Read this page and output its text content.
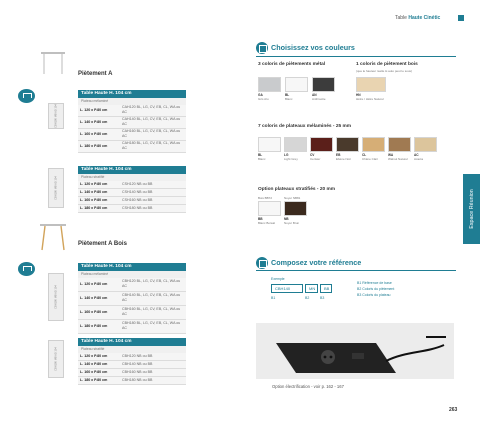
Table Haute Cinétic
Espace Réunion
Piètement A
CBH180 MB AD 104
Table Haute H. 104 cm
Plateau mélaminé
L. 120 x P.80 cm
CAH120 BL, LG, CV, EB, CL, WA ou AC
L. 140 x P.80 cm
CAH140 BL, LG, CV, EB, CL, WA ou AC
L. 160 x P.80 cm
CAH160 BL, LG, CV, EB, CL, WA ou AC
L. 180 x P.80 cm
CAH180 BL, LG, CV, EB, CL, WA ou AC
CBH180 MB AD 104
Table Haute H. 104 cm
Plateau stratifié
L. 120 x P.80 cm	CSH120 NB ou BB
L. 140 x P.80 cm	CSH140 NB ou BB
L. 160 x P.80 cm	CSH160 NB ou BB
L. 180 x P.80 cm	CSH180 NB ou BB
Piètement A Bois
CBH180 MB AD 104
Table Haute H. 104 cm
Plateau mélaminé
L. 120 x P.80 cm
CBH120 BL, LG, CV, EB, CL, WA ou AC
L. 140 x P.80 cm
CBH140 BL, LG, CV, EB, CL, WA ou AC
L. 160 x P.80 cm
CBH160 BL, LG, CV, EB, CL, WA ou AC
L. 180 x P.80 cm
CBH180 BL, LG, CV, EB, CL, WA ou AC
CBH180 MB AD 104
Table Haute H. 104 cm
Plateau stratifié
L. 120 x P.80 cm	CBH120 NB ou BB
L. 140 x P.80 cm	CBH140 NB ou BB
L. 160 x P.80 cm	CBH160 NB ou BB
L. 180 x P.80 cm	CBH180 NB ou BB
Choisissez vos couleurs
3 coloris de piètements métal	1 coloris de piètement bois
(que le hauteur réelle H.auto peut le sous)
GA
Gris Alu
BL
Blanc
AN
Anthracite
HN
Hêtre / Hêtre Naturel
7 coloris de plateaux mélaminés - 25 mm
BL
Blanc
LG
Light Grey
CV
Cerisier
EB
Ebène Noir
CL
Chêne Clair
WA
Walnut Naturel
AC
Acacia
Option plateaux stratifiés - 20 mm
Bois BB72	Noyer NB81
BB
Blanc Boréal
NB
Noyer Brun
Composez votre référence
Exemple
CBH140	MN	BB
B1	B2	B3
B1 Référence de base
B2 Coloris du piètement
B3 Coloris du plateau
Option électrification - voir p. 162 - 167
263
